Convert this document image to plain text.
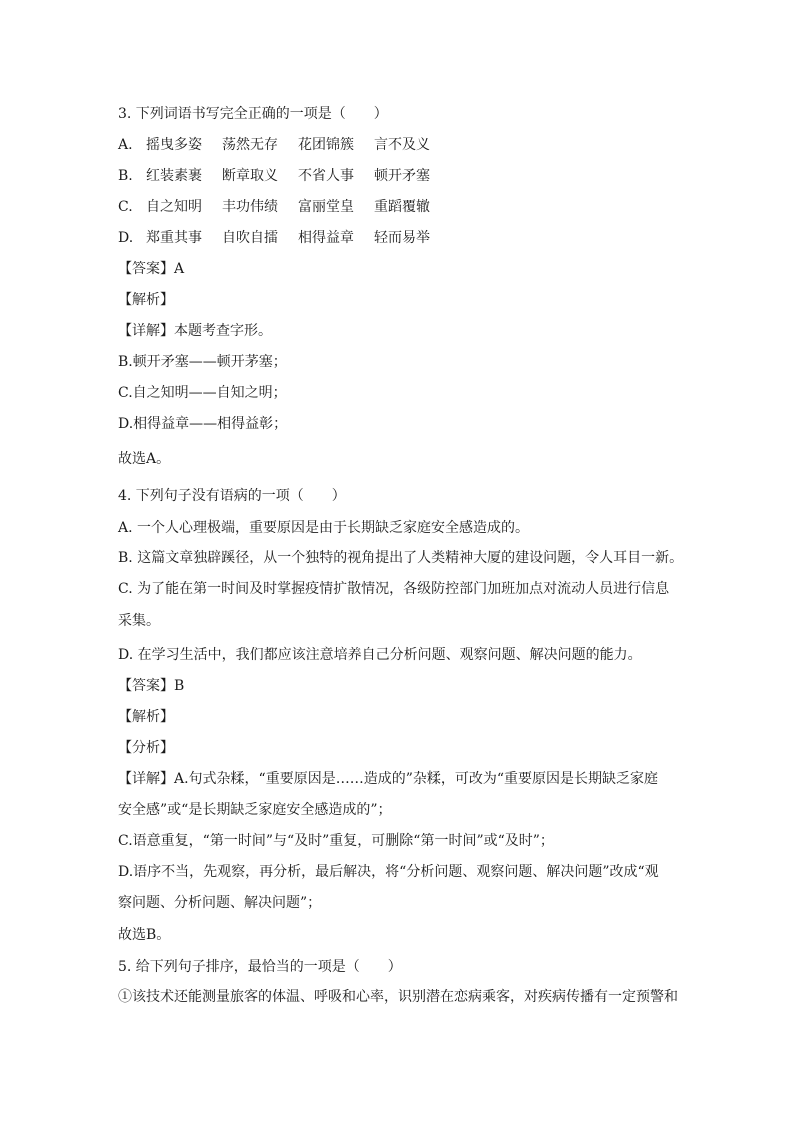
3. 下列词语书写完全正确的一项是（　　）
A. 摇曳多姿 荡然无存 花团锦簇 言不及义
B. 红装素裹 断章取义 不省人事 顿开矛塞
C. 自之知明 丰功伟绩 富丽堂皇 重蹈覆辙
D. 郑重其事 自吹自擂 相得益章 轻而易举
【答案】A
【解析】
【详解】本题考查字形。
B.顿开矛塞——顿开茅塞；
C.自之知明——自知之明；
D.相得益章——相得益彰；
故选A。
4. 下列句子没有语病的一项（　　）
A. 一个人心理极端，重要原因是由于长期缺乏家庭安全感造成的。
B. 这篇文章独辟蹊径，从一个独特的视角提出了人类精神大厦的建设问题，令人耳目一新。
C. 为了能在第一时间及时掌握疫情扩散情况，各级防控部门加班加点对流动人员进行信息
采集。
D. 在学习生活中，我们都应该注意培养自己分析问题、观察问题、解决问题的能力。
【答案】B
【解析】
【分析】
【详解】A.句式杂糅，“重要原因是……造成的”杂糅，可改为“重要原因是长期缺乏家庭
安全感”或“是长期缺乏家庭安全感造成的”；
C.语意重复，“第一时间”与“及时”重复，可删除“第一时间”或“及时”；
D.语序不当，先观察，再分析，最后解决，将“分析问题、观察问题、解决问题”改成“观
察问题、分析问题、解决问题”；
故选B。
5. 给下列句子排序，最恰当的一项是（　　）
①该技术还能测量旅客的体温、呼吸和心率，识别潜在恋病乘客，对疾病传播有一定预警和
